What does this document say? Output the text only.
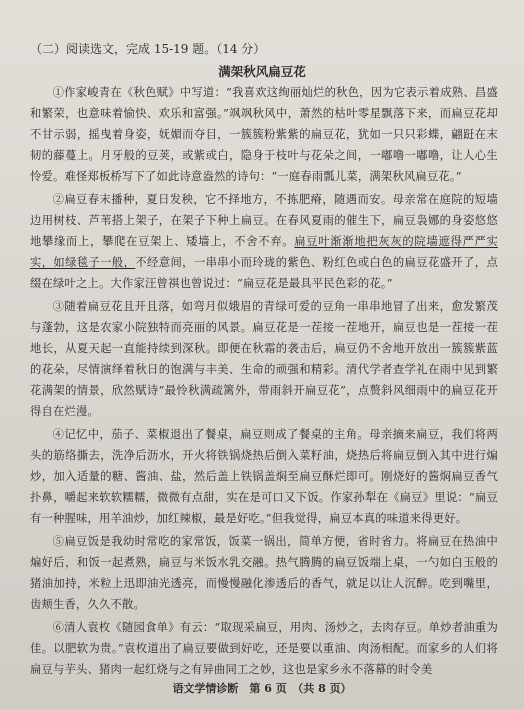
（二）阅读选文，完成 15-19 题。（14 分）
满架秋风扁豆花

①作家峻青在《秋色赋》中写道：“我喜欢这绚丽灿烂的秋色，因为它表示着成熟、昌盛和繁荣，也意味着愉快、欢乐和富强。”飒飒秋风中，萧然的枯叶零星飘落下来，而扁豆花却不甘示弱，摇曳着身姿，妩媚而夺目，一簇簇粉紫紫的扁豆花，犹如一只只彩蝶，翩跹在末韧的藤蔓上。月牙般的豆荚，或紫或白，隐身于枝叶与花朵之间，一嘟噜一嘟噜，让人心生怜爱。难怪郑板桥写下了如此诗意盎然的诗句：“一庭春雨瓢儿菜，满架秋风扁豆花。”

②扁豆春末播种，夏日发秧，它不择地方，不拣肥瘠，随遇而安。母亲常在庭院的短墙边用树枝、芦苇搭上架子，在架子下种上扁豆。在春风夏雨的催生下，扁豆袅娜的身姿悠悠地攀缘而上，攀爬在豆架上、矮墙上，不舍不弃。扁豆叶渐渐地把灰灰的院墙遮得严严实实，如绿毯子一般，不经意间，一串串小而玲珑的紫色、粉红色或白色的扁豆花盛开了，点缀在绿叶之上。大作家汪曾祺也曾说过：“扁豆花是最具平民色彩的花。”

③随着扁豆花且开且落，如弯月似娥眉的青绿可爱的豆角一串串地冒了出来，愈发繁茂与蓬勃，这是农家小院独特而亮丽的风景。扁豆花是一茬接一茬地开，扁豆也是一茬接一茬地长，从夏天起一直能持续到深秋。即便在秋霜的袭击后，扁豆仍不舍地开放出一簇簇紫蓝的花朵，尽情演绎着秋日的饱满与丰美、生命的顽强和精彩。清代学者查学礼在雨中见到繁花满架的情景，欣然赋诗“最怜秋满疏篱外，带雨斜开扁豆花”，点赘斜风细雨中的扁豆花开得自在烂漫。

④记忆中，茄子、菜椒退出了餐桌，扁豆则成了餐桌的主角。母亲摘来扁豆，我们将两头的筋络撕去，洗净后沥水，开火将铁锅烧热后倒入菜籽油，烧热后将扁豆倒入其中进行煸炒，加入适量的糖、酱油、盐，然后盖上铁锅盖焖至扁豆酥烂即可。刚烧好的酱焖扁豆香气扑鼻，嚼起来软软糯糯，微微有点甜，实在是可口又下饭。作家孙犁在《扁豆》里说：“扁豆有一种腥味，用羊油炒，加红辣椒，最是好吃。”但我觉得，扁豆本真的味道来得更好。

⑤扁豆饭是我幼时常吃的家常饭，饭菜一锅出，简单方便，省时省力。将扁豆在热油中煸好后，和饭一起煮熟，扁豆与米饭水乳交融。热气腾腾的扁豆饭端上桌，一勺如白玉般的猪油加持，米粒上迅即油光透亮，而慢慢融化渗透后的香气，就足以让人沉醉。吃到嘴里，齿颊生香，久久不散。

⑥清人袁枚《随园食单》有云：“取现采扁豆，用肉、汤炒之，去肉存豆。单炒者油重为佳。以肥软为贵。”袁枚道出了扁豆要做到好吃，还是要以重油、肉汤相配。而家乡的人们将扁豆与芋头、猪肉一起红烧与之有异曲同工之妙，这也是家乡永不落幕的时令美

语文学情诊断　第 6 页　（共 8 页）
